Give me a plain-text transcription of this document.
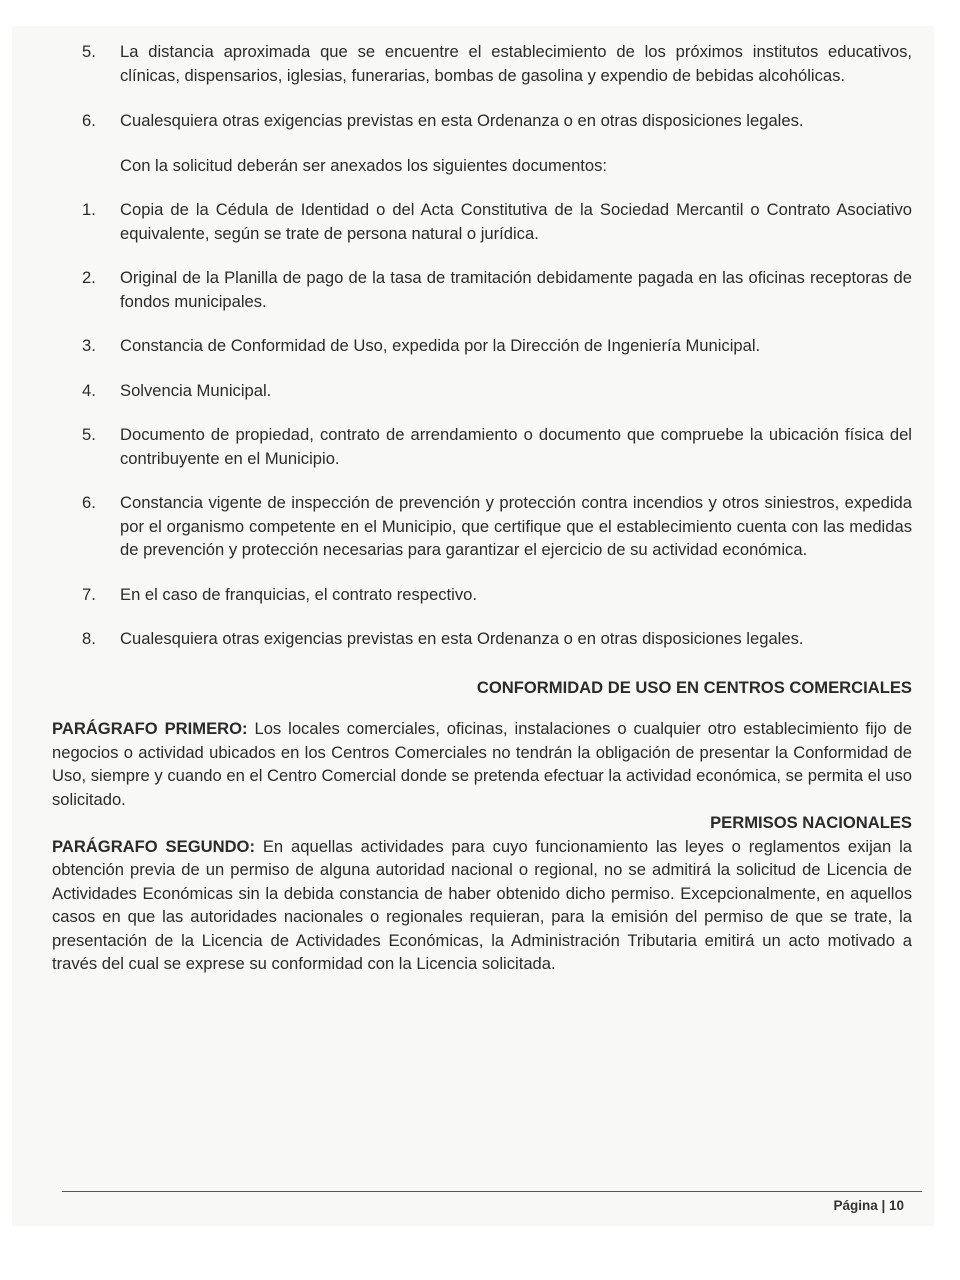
5. La distancia aproximada que se encuentre el establecimiento de los próximos institutos educativos, clínicas, dispensarios, iglesias, funerarias, bombas de gasolina y expendio de bebidas alcohólicas.
6. Cualesquiera otras exigencias previstas en esta Ordenanza o en otras disposiciones legales.
Con la solicitud deberán ser anexados los siguientes documentos:
1. Copia de la Cédula de Identidad o del Acta Constitutiva de la Sociedad Mercantil o Contrato Asociativo equivalente, según se trate de persona natural o jurídica.
2. Original de la Planilla de pago de la tasa de tramitación debidamente pagada en las oficinas receptoras de fondos municipales.
3. Constancia de Conformidad de Uso, expedida por la Dirección de Ingeniería Municipal.
4. Solvencia Municipal.
5. Documento de propiedad, contrato de arrendamiento o documento que compruebe la ubicación física del contribuyente en el Municipio.
6. Constancia vigente de inspección de prevención y protección contra incendios y otros siniestros, expedida por el organismo competente en el Municipio, que certifique que el establecimiento cuenta con las medidas de prevención y protección necesarias para garantizar el ejercicio de su actividad económica.
7. En el caso de franquicias, el contrato respectivo.
8. Cualesquiera otras exigencias previstas en esta Ordenanza o en otras disposiciones legales.
CONFORMIDAD DE USO EN CENTROS COMERCIALES
PARÁGRAFO PRIMERO: Los locales comerciales, oficinas, instalaciones o cualquier otro establecimiento fijo de negocios o actividad ubicados en los Centros Comerciales no tendrán la obligación de presentar la Conformidad de Uso, siempre y cuando en el Centro Comercial donde se pretenda efectuar la actividad económica, se permita el uso solicitado.
PERMISOS NACIONALES
PARÁGRAFO SEGUNDO: En aquellas actividades para cuyo funcionamiento las leyes o reglamentos exijan la obtención previa de un permiso de alguna autoridad nacional o regional, no se admitirá la solicitud de Licencia de Actividades Económicas sin la debida constancia de haber obtenido dicho permiso. Excepcionalmente, en aquellos casos en que las autoridades nacionales o regionales requieran, para la emisión del permiso de que se trate, la presentación de la Licencia de Actividades Económicas, la Administración Tributaria emitirá un acto motivado a través del cual se exprese su conformidad con la Licencia solicitada.
Página | 10
